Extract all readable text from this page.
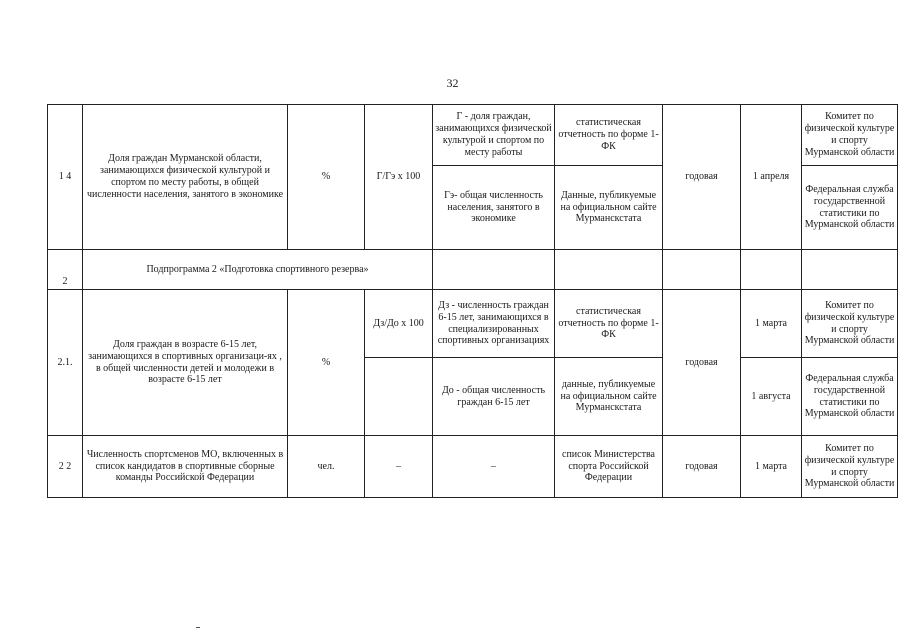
32
1 4	Доля граждан Мурманской области, занимающихся физической культурой и спортом по месту работы, в общей численности населения, занятого в экономике	%	Г/Гэ х 100	Г - доля граждан, занимающихся физической культурой и спортом по месту работы	статистическая отчетность по форме 1-ФК	годовая	1 апреля	Комитет по физической культуре и спорту Мурманской области
				Гэ- общая численность населения, занятого в экономике	Данные, публикуемые на официальном сайте Мурманскстата			Федеральная служба государственной статистики по Мурманской области
2	Подпрограмма 2 «Подготовка спортивного резерва»							
2.1.	Доля граждан в возрасте 6-15 лет, занимающихся в спортивных организаци-ях , в общей численности детей и молодежи в возрасте 6-15 лет	%	Дз/До х 100	Дз - численность граждан 6-15 лет, занимающихся в специализированных спортивных организациях	статистическая отчетность по форме 1-ФК	годовая	1 марта	Комитет по физической культуре и спорту Мурманской области
				До - общая численность граждан 6-15 лет	данные, публикуемые на официальном сайте Мурманскстата		1 августа	Федеральная служба государственной статистики по Мурманской области
2 2	Численность спортсменов МО, включенных в список кандидатов в спортивные сборные команды Российской Федерации	чел.	–	–	список Министерства спорта Российской Федерации	годовая	1 марта	Комитет по физической культуре и спорту Мурманской области
